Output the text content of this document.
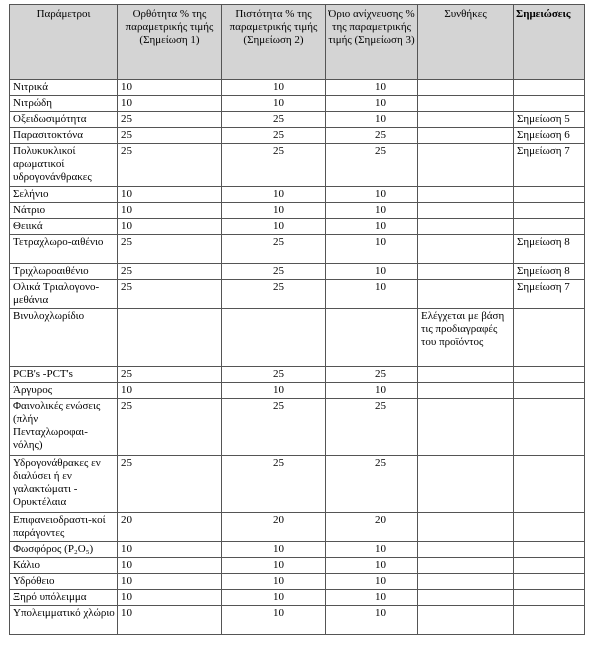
Παράμετροι	Ορθότητα % της παραμετρικής τιμής (Σημείωση 1)	Πιστότητα % της παραμετρικής τιμής (Σημείωση 2)	Όριο ανίχνευσης % της παραμετρικής τιμής (Σημείωση 3)	Συνθήκες	Σημειώσεις
Νιτρικά	10	10	10		
Νιτρώδη	10	10	10		
Οξειδωσιμότητα	25	25	10		Σημείωση 5
Παρασιτοκτόνα	25	25	25		Σημείωση 6
Πολυκυκλικοί αρωματικοί υδρογονάνθρακες	25	25	25		Σημείωση 7
Σελήνιο	10	10	10		
Νάτριο	10	10	10		
Θειικά	10	10	10		
Τετραχλωρο-αιθένιο	25	25	10		Σημείωση 8
Τριχλωροαιθένιο	25	25	10		Σημείωση 8
Ολικά Τριαλογονο-μεθάνια	25	25	10		Σημείωση 7
Βινυλοχλωρίδιο				Ελέγχεται με βάση τις προδιαγραφές του προϊόντος	
PCB's -PCT's	25	25	25		
Άργυρος	10	10	10		
Φαινολικές ενώσεις (πλήν Πενταχλωροφαι-νόλης)	25	25	25		
Υδρογονάθρακες εν διαλύσει ή εν γαλακτώματι - Ορυκτέλαια	25	25	25		
Επιφανειοδραστι-κοί παράγοντες	20	20	20		
Φωσφόρος (P₂O₅)	10	10	10		
Κάλιο	10	10	10		
Υδρόθειο	10	10	10		
Ξηρό υπόλειμμα	10	10	10		
Υπολειμματικό χλώριο	10	10	10		
